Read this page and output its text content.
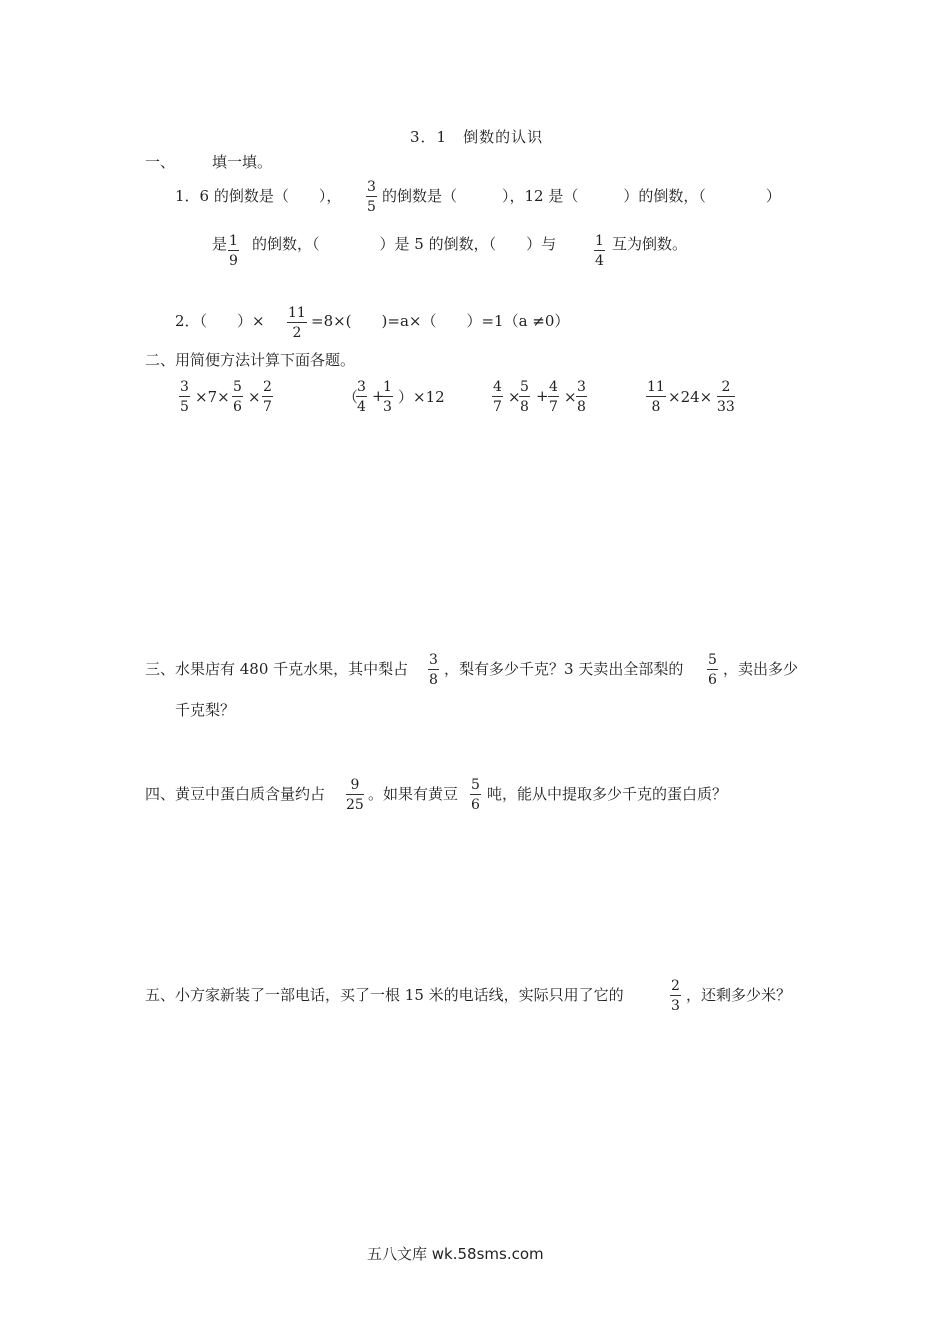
3．1　倒数的认识
一、 填一填。
1．6 的倒数是（　　）， 3
5
的倒数是（　　　），12 是（　　　）的倒数，（　　　　）
是 1
9
的倒数，（　　　　）是 5 的倒数，（　　）与	1
4
互为倒数。
2．（　　）× 11
2
=8×(　　)=a×（　　）=1（a ≠0）
二、用简便方法计算下面各题。
3
5
×7×
5
6
×
2
7
（
3
4
+
1
3
）×12
4
7
×
5
8
+ 4
7
×
3
8
11
8
×24×
2
33
三、水果店有 480 千克水果，其中梨占 3
8
，梨有多少千克？3 天卖出全部梨的 5
6
，卖出多少
千克梨？
四、黄豆中蛋白质含量约占	9
25
。如果有黄豆 5
6
吨，能从中提取多少千克的蛋白质？
五、小方家新装了一部电话，买了一根 15 米的电话线，实际只用了它的	2
3
，还剩多少米？
五八文库 wk.58sms.com
